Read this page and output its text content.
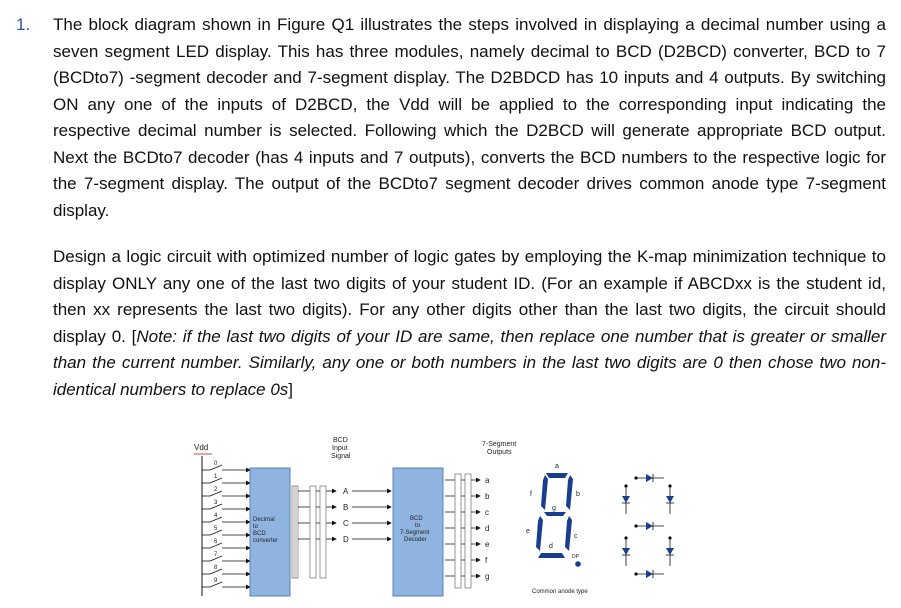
1. The block diagram shown in Figure Q1 illustrates the steps involved in displaying a decimal number using a seven segment LED display. This has three modules, namely decimal to BCD (D2BCD) converter, BCD to 7 (BCDto7) -segment decoder and 7-segment display. The D2BDCD has 10 inputs and 4 outputs. By switching ON any one of the inputs of D2BCD, the Vdd will be applied to the corresponding input indicating the respective decimal number is selected. Following which the D2BCD will generate appropriate BCD output. Next the BCDto7 decoder (has 4 inputs and 7 outputs), converts the BCD numbers to the respective logic for the 7-segment display. The output of the BCDto7 segment decoder drives common anode type 7-segment display.

Design a logic circuit with optimized number of logic gates by employing the K-map minimization technique to display ONLY any one of the last two digits of your student ID. (For an example if ABCDxx is the student id, then xx represents the last two digits). For any other digits other than the last two digits, the circuit should display 0. [Note: if the last two digits of your ID are same, then replace one number that is greater or smaller than the current number. Similarly, any one or both numbers in the last two digits are 0 then chose two non-identical numbers to replace 0s]

Vdd
0
1
2
3
4
5
6
7
8
9
Decimal
to
BCD
converter
BCD
Input
Signal
A
B
C
D
BCD
to
7-Segment
Decoder
7-Segment
Outputs
a
b
c
d
e
f
g
a
b
c
d
e
f
g
DP
Common anode type
